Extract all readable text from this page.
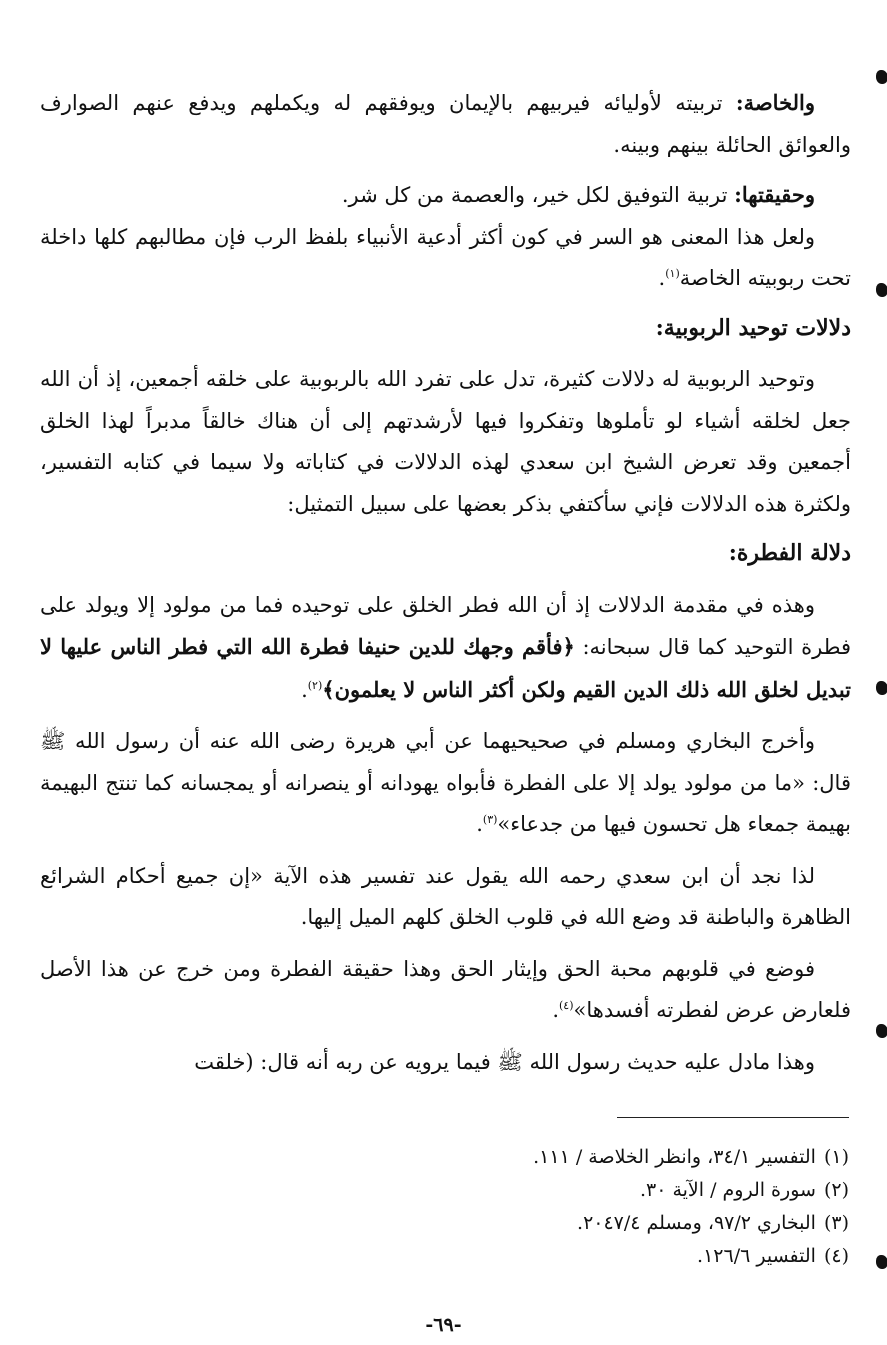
والخاصة: تربيته لأوليائه فيربيهم بالإيمان ويوفقهم له ويكملهم ويدفع عنهم الصوارف والعوائق الحائلة بينهم وبينه.

وحقيقتها: تربية التوفيق لكل خير، والعصمة من كل شر.

ولعل هذا المعنى هو السر في كون أكثر أدعية الأنبياء بلفظ الرب فإن مطالبهم كلها داخلة تحت ربوبيته الخاصة$^{(١)}$.

دلالات توحيد الربوبية:

وتوحيد الربوبية له دلالات كثيرة، تدل على تفرد الله بالربوبية على خلقه أجمعين، إذ أن الله جعل لخلقه أشياء لو تأملوها وتفكروا فيها لأرشدتهم إلى أن هناك خالقاً مدبراً لهذا الخلق أجمعين وقد تعرض الشيخ ابن سعدي لهذه الدلالات في كتاباته ولا سيما في كتابه التفسير، ولكثرة هذه الدلالات فإني سأكتفي بذكر بعضها على سبيل التمثيل:

دلالة الفطرة:

وهذه في مقدمة الدلالات إذ أن الله فطر الخلق على توحيده فما من مولود إلا ويولد على فطرة التوحيد كما قال سبحانه: ﴿فأقم وجهك للدين حنيفا فطرة الله التي فطر الناس عليها لا تبديل لخلق الله ذلك الدين القيم ولكن أكثر الناس لا يعلمون﴾$^{(٢)}$.

وأخرج البخاري ومسلم في صحيحيهما عن أبي هريرة رضى الله عنه أن رسول الله ﷺ قال: «ما من مولود يولد إلا على الفطرة فأبواه يهودانه أو ينصرانه أو يمجسانه كما تنتج البهيمة بهيمة جمعاء هل تحسون فيها من جدعاء»$^{(٣)}$.

لذا نجد أن ابن سعدي رحمه الله يقول عند تفسير هذه الآية «إن جميع أحكام الشرائع الظاهرة والباطنة قد وضع الله في قلوب الخلق كلهم الميل إليها.

فوضع في قلوبهم محبة الحق وإيثار الحق وهذا حقيقة الفطرة ومن خرج عن هذا الأصل فلعارض عرض لفطرته أفسدها»$^{(٤)}$.

وهذا مادل عليه حديث رسول الله ﷺ فيما يرويه عن ربه أنه قال: (خلقت

(١)التفسير ٣٤/١، وانظر الخلاصة / ١١١.
(٢)سورة الروم / الآية ٣٠.
(٣)البخاري ٩٧/٢، ومسلم ٢٠٤٧/٤.
(٤)التفسير ١٢٦/٦.
-٦٩-
